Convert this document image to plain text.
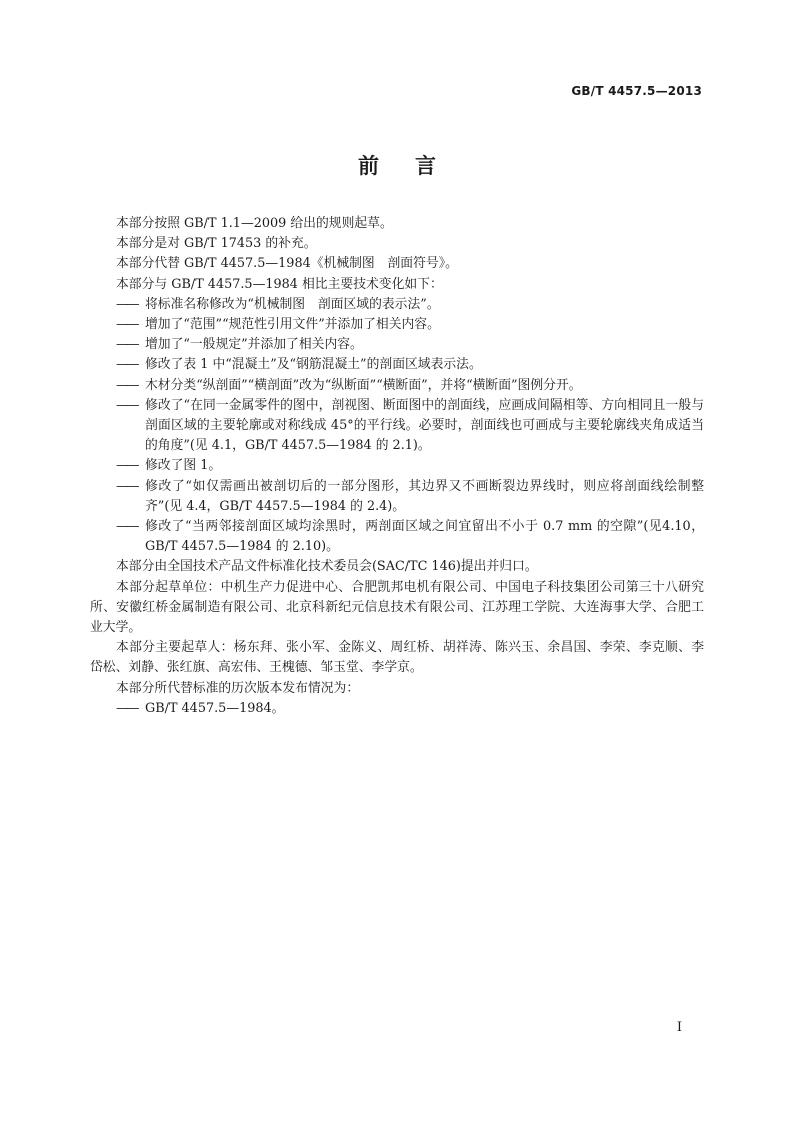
GB/T 4457.5—2013
前 言

本部分按照 GB/T 1.1—2009 给出的规则起草。

本部分是对 GB/T 17453 的补充。

本部分代替 GB/T 4457.5—1984《机械制图　剖面符号》。

本部分与 GB/T 4457.5—1984 相比主要技术变化如下：

—— 将标准名称修改为“机械制图　剖面区域的表示法”。

—— 增加了“范围”“规范性引用文件”并添加了相关内容。

—— 增加了“一般规定”并添加了相关内容。

—— 修改了表 1 中“混凝土”及“钢筋混凝土”的剖面区域表示法。

—— 木材分类“纵剖面”“横剖面”改为“纵断面”“横断面”，并将“横断面”图例分开。

—— 修改了“在同一金属零件的图中，剖视图、断面图中的剖面线，应画成间隔相等、方向相同且一般与剖面区域的主要轮廓或对称线成 45°的平行线。必要时，剖面线也可画成与主要轮廓线夹角成适当的角度”(见 4.1，GB/T 4457.5—1984 的 2.1)。

—— 修改了图 1。

—— 修改了“如仅需画出被剖切后的一部分图形，其边界又不画断裂边界线时，则应将剖面线绘制整齐”(见 4.4，GB/T 4457.5—1984 的 2.4)。

—— 修改了“当两邻接剖面区域均涂黑时，两剖面区域之间宜留出不小于 0.7 mm 的空隙”(见4.10，GB/T 4457.5—1984 的 2.10)。

本部分由全国技术产品文件标准化技术委员会(SAC/TC 146)提出并归口。

本部分起草单位：中机生产力促进中心、合肥凯邦电机有限公司、中国电子科技集团公司第三十八研究所、安徽红桥金属制造有限公司、北京科新纪元信息技术有限公司、江苏理工学院、大连海事大学、合肥工业大学。

本部分主要起草人：杨东拜、张小军、金陈义、周红桥、胡祥涛、陈兴玉、余昌国、李荣、李克顺、李岱松、刘静、张红旗、高宏伟、王槐德、邹玉堂、李学京。

本部分所代替标准的历次版本发布情况为：

—— GB/T 4457.5—1984。

I
